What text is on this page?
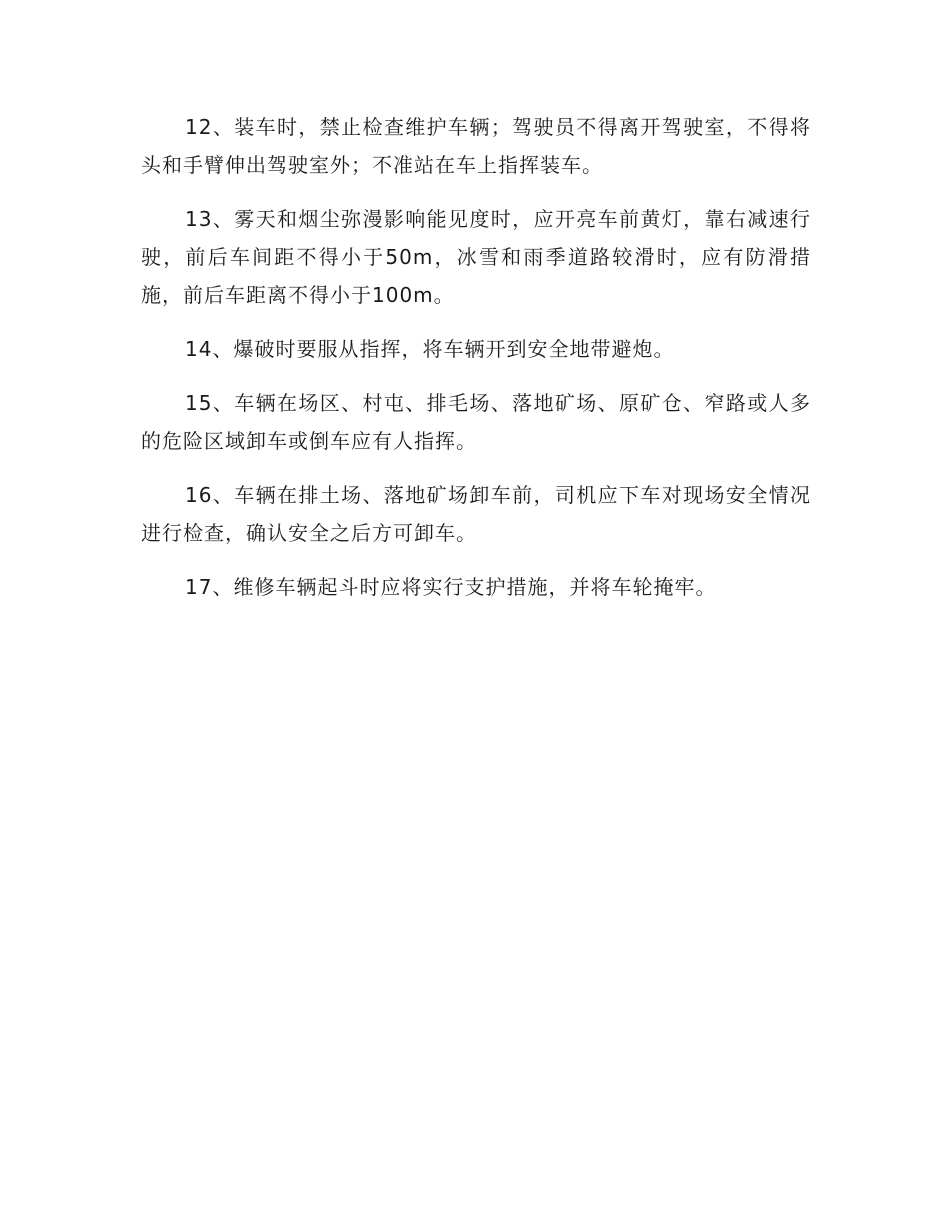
12、装车时，禁止检查维护车辆；驾驶员不得离开驾驶室，不得将头和手臂伸出驾驶室外；不准站在车上指挥装车。

13、雾天和烟尘弥漫影响能见度时，应开亮车前黄灯，靠右减速行驶，前后车间距不得小于50m，冰雪和雨季道路较滑时，应有防滑措施，前后车距离不得小于100m。

14、爆破时要服从指挥，将车辆开到安全地带避炮。

15、车辆在场区、村屯、排毛场、落地矿场、原矿仓、窄路或人多的危险区域卸车或倒车应有人指挥。

16、车辆在排土场、落地矿场卸车前，司机应下车对现场安全情况进行检查，确认安全之后方可卸车。

17、维修车辆起斗时应将实行支护措施，并将车轮掩牢。
